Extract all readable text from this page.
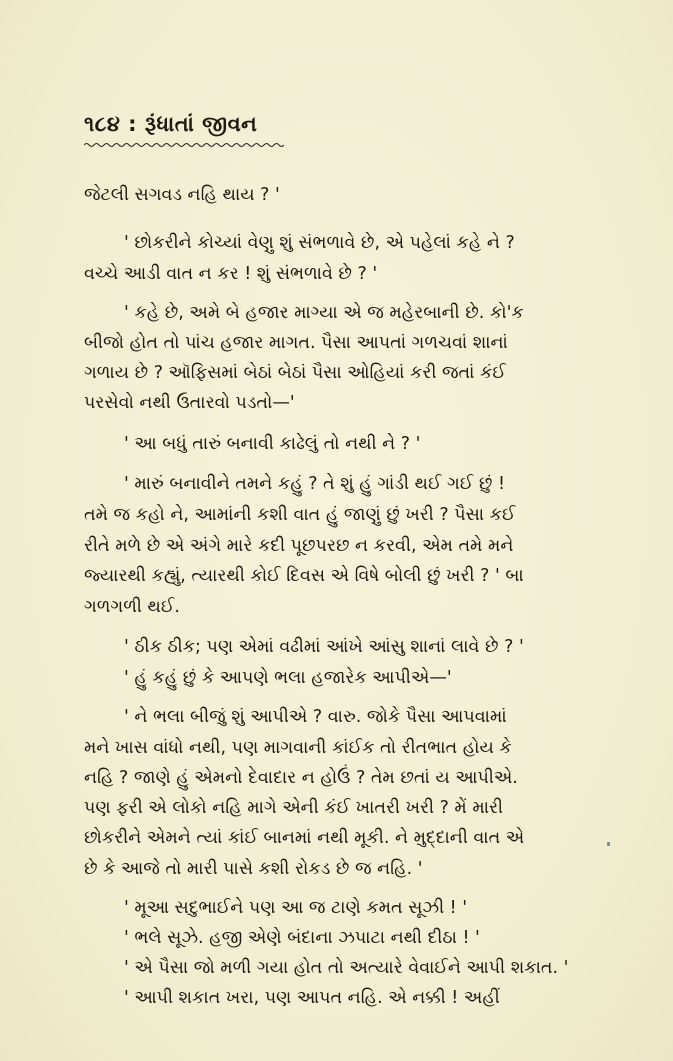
૧૮૪ : રૂંધાતાં જીવન
જેટલી સગવડ નહિ થાય ? '
' છોકરીને કોચ્યાં વેણુ શું સંભળાવે છે, એ પહેલાં કહે ને ?
વચ્ચે આડી વાત ન કર ! શું સંભળાવે છે ? '
' કહે છે, અમે બે હજાર માગ્યા એ જ મહેરબાની છે. કો'ક
બીજો હોત તો પાંચ હજાર માગત. પૈસા આપતાં ગળચવાં શાનાં
ગળાય છે ? ઑફિસમાં બેઠાં બેઠાં પૈસા ઓહિયાં કરી જતાં કંઈ
પરસેવો નથી ઉતારવો પડતો—'
' આ બધું તારું બનાવી કાઢેલું તો નથી ને ? '
' મારું બનાવીને તમને કહું ? તે શું હું ગાંડી થઈ ગઈ છું !
તમે જ કહો ને, આમાંની કશી વાત હું જાણું છું ખરી ? પૈસા કઈ
રીતે મળે છે એ અંગે મારે કદી પૂછપરછ ન કરવી, એમ તમે મને
જ્યારથી કહ્યું, ત્યારથી કોઈ દિવસ એ વિષે બોલી છું ખરી ? ' બા
ગળગળી થઈ.
' ઠીક ઠીક; પણ એમાં વઢીમાં આંખે આંસુ શાનાં લાવે છે ? '
' હું કહું છું કે આપણે ભલા હજારેક આપીએ—'
' ને ભલા બીજું શું આપીએ ? વારુ. જોકે પૈસા આપવામાં
મને ખાસ વાંધો નથી, પણ માગવાની કાંઈક તો રીતભાત હોય કે
નહિ ? જાણે હું એમનો દેવાદાર ન હોઉં ? તેમ છતાં ય આપીએ.
પણ ફરી એ લોકો નહિ માગે એની કંઈ ખાતરી ખરી ? મેં મારી
છોકરીને એમને ત્યાં કાંઈ બાનમાં નથી મૂકી. ને મુદ્દાની વાત એ
છે કે આજે તો મારી પાસે કશી રોકડ છે જ નહિ. '
' મૂઆ સદુભાઈને પણ આ જ ટાણે કમત સૂઝી ! '
' ભલે સૂઝે. હજી એણે બંદાના ઝપાટા નથી દીઠા ! '
' એ પૈસા જો મળી ગયા હોત તો અત્યારે વેવાઈને આપી શકાત. '
' આપી શકાત ખરા, પણ આપત નહિ. એ નક્કી ! અહીં
